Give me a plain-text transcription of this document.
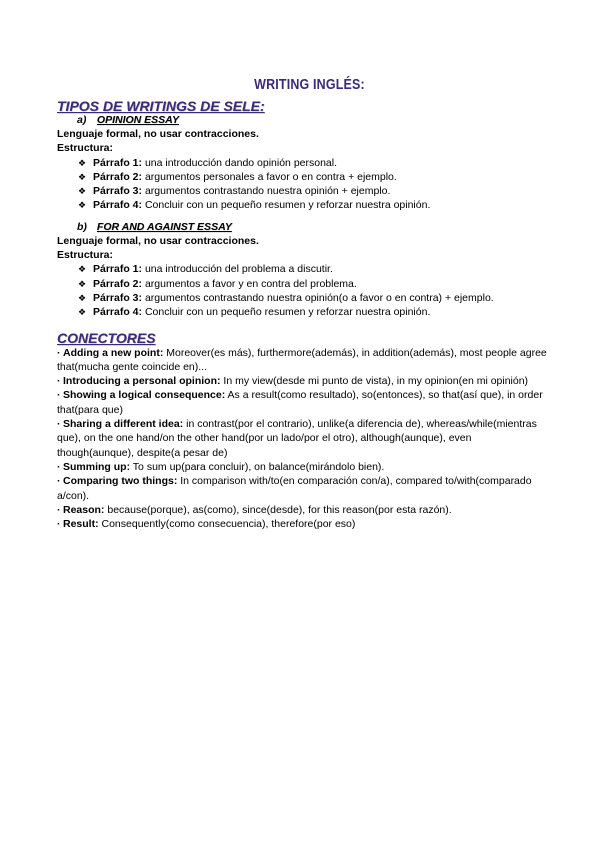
WRITING INGLÉS:
TIPOS DE WRITINGS DE SELE:
a) OPINION ESSAY
Lenguaje formal, no usar contracciones.
Estructura:
❖ Párrafo 1: una introducción dando opinión personal.
❖ Párrafo 2: argumentos personales a favor o en contra + ejemplo.
❖ Párrafo 3: argumentos contrastando nuestra opinión + ejemplo.
❖ Párrafo 4: Concluir con un pequeño resumen y reforzar nuestra opinión.
b) FOR AND AGAINST ESSAY
Lenguaje formal, no usar contracciones.
Estructura:
❖ Párrafo 1: una introducción del problema a discutir.
❖ Párrafo 2: argumentos a favor y en contra del problema.
❖ Párrafo 3: argumentos contrastando nuestra opinión(o a favor o en contra) + ejemplo.
❖ Párrafo 4: Concluir con un pequeño resumen y reforzar nuestra opinión.
CONECTORES

· Adding a new point: Moreover(es más), furthermore(además), in addition(además), most people agree that(mucha gente coincide en)...

· Introducing a personal opinion: In my view(desde mi punto de vista), in my opinion(en mi opinión)

· Showing a logical consequence: As a result(como resultado), so(entonces), so that(así que), in order that(para que)

· Sharing a different idea: in contrast(por el contrario), unlike(a diferencia de), whereas/while(mientras que), on the one hand/on the other hand(por un lado/por el otro), although(aunque), even though(aunque), despite(a pesar de)

· Summing up: To sum up(para concluir), on balance(mirándolo bien).

· Comparing two things: In comparison with/to(en comparación con/a), compared to/with(comparado a/con).

· Reason: because(porque), as(como), since(desde), for this reason(por esta razón).

· Result: Consequently(como consecuencia), therefore(por eso)
